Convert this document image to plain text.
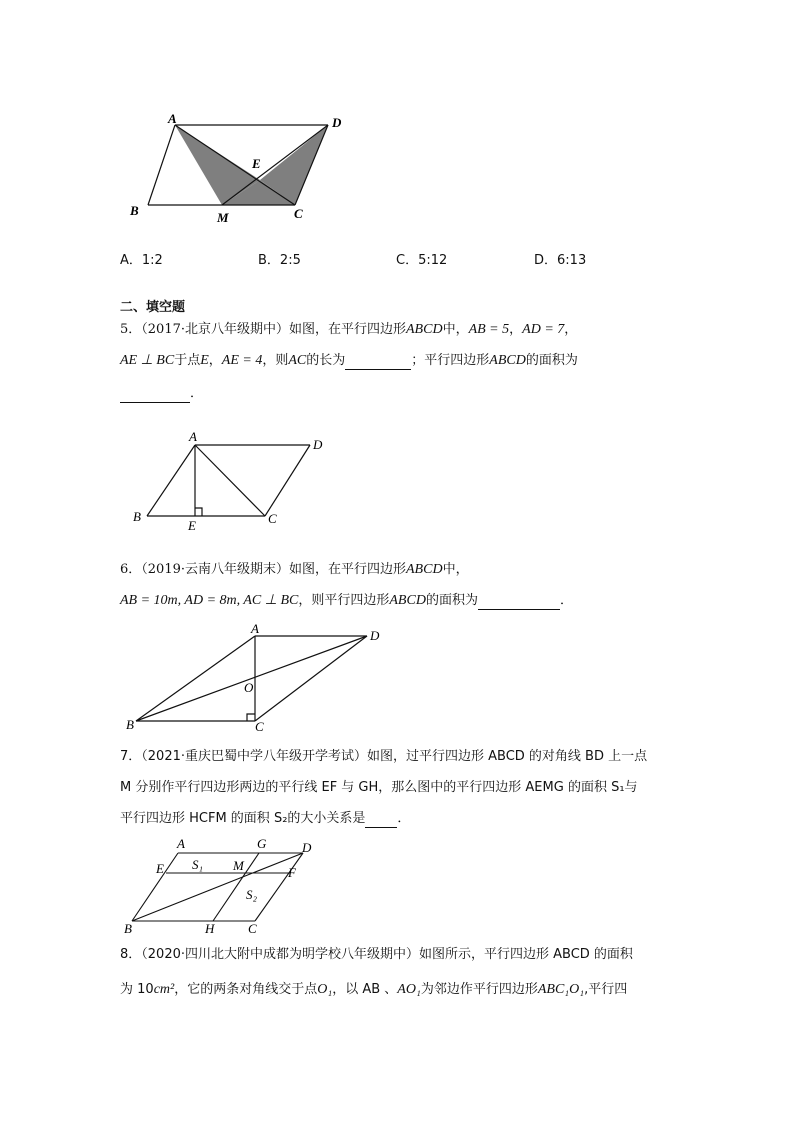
A	D
E
B	M	C
A．1:2	B．2:5	C．5:12	D．6:13
二、填空题
5．（2017·北京八年级期中）如图，在平行四边形ABCD中，AB = 5，AD = 7，
AE ⊥ BC于点E，AE = 4，则AC的长为	；平行四边形ABCD的面积为
．
A
D
B
E	C
6．（2019·云南八年级期末）如图，在平行四边形ABCD中，
AB = 10m, AD = 8m, AC ⊥ BC，则平行四边形ABCD的面积为	．
A	D
O
B	C
7．（2021·重庆巴蜀中学八年级开学考试）如图，过平行四边形 ABCD 的对角线 BD 上一点
M 分别作平行四边形两边的平行线 EF 与 GH，那么图中的平行四边形 AEMG 的面积 S₁与
平行四边形 HCFM 的面积 S₂的大小关系是 ．
A	G	D
E S₁ M	F
S₂
B	H	C
8．（2020·四川北大附中成都为明学校八年级期中）如图所示，平行四边形 ABCD 的面积
为 10cm²，它的两条对角线交于点O₁，以 AB 、AO₁为邻边作平行四边形ABC₁O₁,平行四
